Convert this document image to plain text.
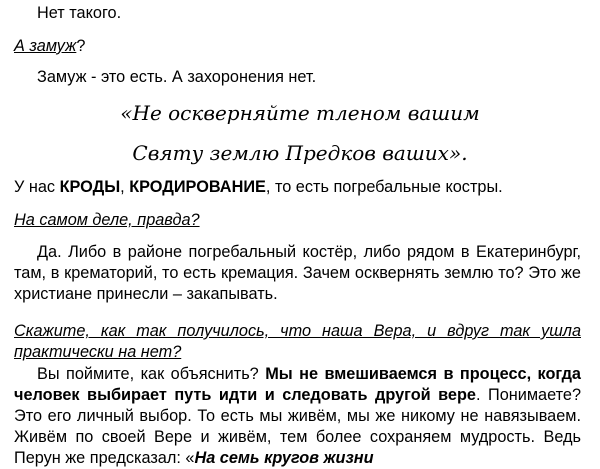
Нет такого.

А замуж?

Замуж - это есть. А захоронения нет.

«Не оскверняйте тленом вашим
Святу землю Предков ваших».

У нас КРОДЫ, КРОДИРОВАНИЕ, то есть погребальные костры.

На самом деле, правда?

Да. Либо в районе погребальный костёр, либо рядом в Екатеринбург, там, в крематорий, то есть кремация. Зачем осквернять землю то? Это же христиане принесли – закапывать.

Скажите, как так получилось, что наша Вера, и вдруг так ушла практически на нет?

Вы поймите, как объяснить? Мы не вмешиваемся в процесс, когда человек выбирает путь идти и следовать другой вере. Понимаете? Это его личный выбор. То есть мы живём, мы же никому не навязываем. Живём по своей Вере и живём, тем более сохраняем мудрость. Ведь Перун же предсказал: «На семь кругов жизни
